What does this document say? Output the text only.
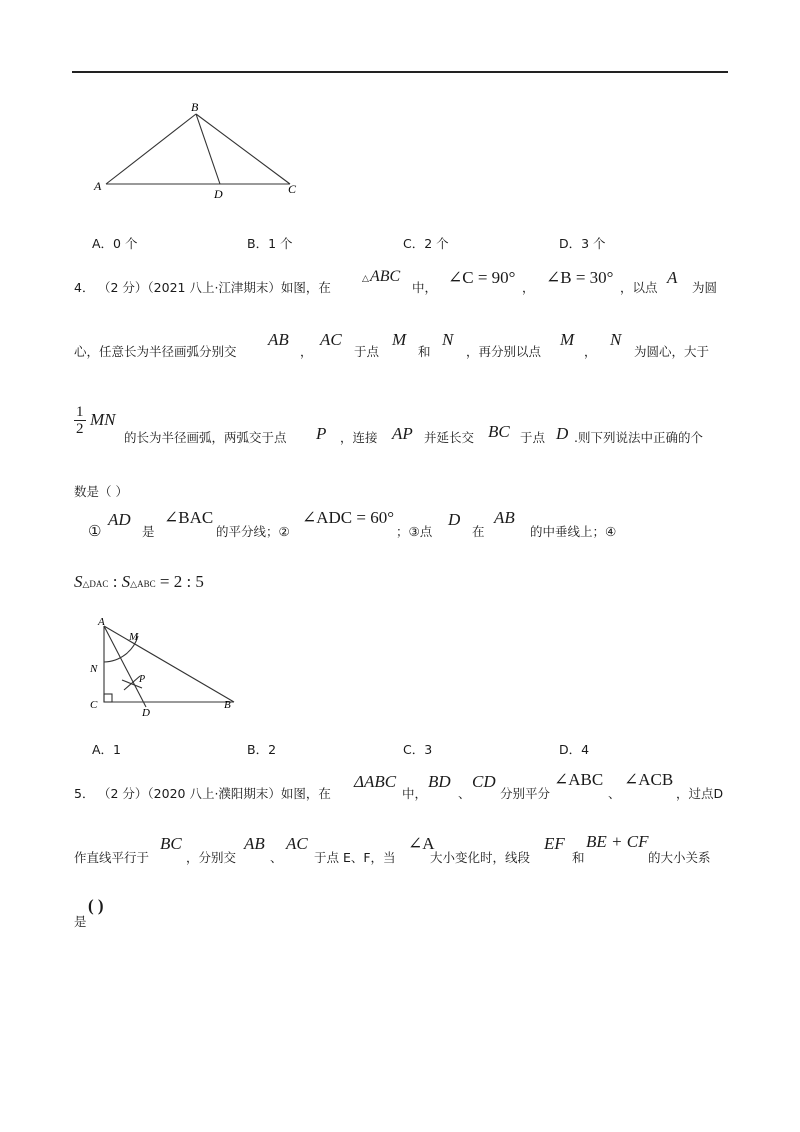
B
A
D	C
A．0 个	B．1 个	C．2 个	D．3 个
4． （2 分）（2021 八上·江津期末）如图，在
△ ABC
中，
∠C = 90°
，
∠B = 30°
，以点
A
为圆
心，任意长为半径画弧分别交
AB
，
AC
于点
M
和
N
，再分别以点
M
，
N
为圆心，大于
$\frac{1}{2}$ MN
的长为半径画弧，两弧交于点 P ，连接 AP 并延长交 BC 于点 D .则下列说法中正确的个
数是（ ）
①
AD
是
∠BAC
的平分线；②
∠ADC = 60°
；③点
D
在
AB
的中垂线上；④
S△DAC : S△ABC = 2 : 5
A
M
N
P
C
D
B
A．1	B．2	C．3	D．4
5． （2 分）（2020 八上·濮阳期末）如图，在
ΔABC
中，
BD
、
CD
分别平分
∠ABC
、
∠ACB
，过点D
作直线平行于
BC
，分别交
AB
、
AC
于点 E、F，当
∠A
大小变化时，线段
EF
和
BE + CF
的大小关系
是
( )
